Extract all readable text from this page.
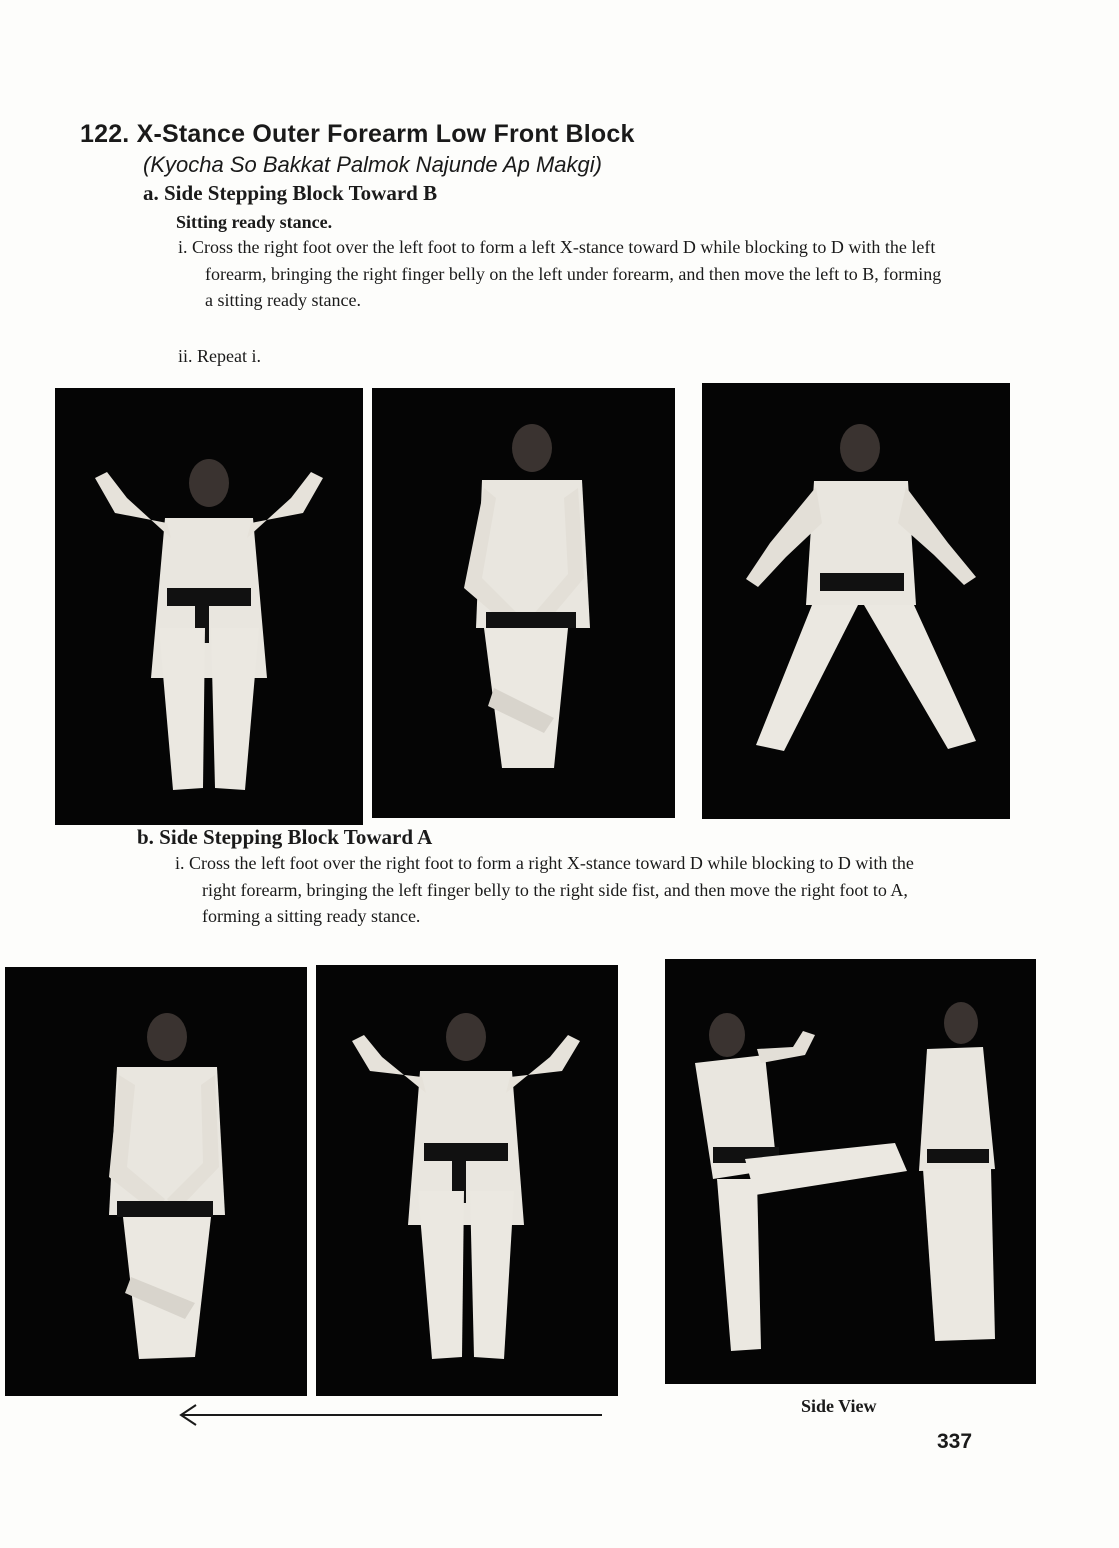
122. X-Stance Outer Forearm Low Front Block
(Kyocha So Bakkat Palmok Najunde Ap Makgi)
a. Side Stepping Block Toward B
Sitting ready stance.
i. Cross the right foot over the left foot to form a left X-stance toward D while blocking to D with the left forearm, bringing the right finger belly on the left under forearm, and then move the left to B, forming a sitting ready stance.
ii. Repeat i.
b. Side Stepping Block Toward A
i. Cross the left foot over the right foot to form a right X-stance toward D while blocking to D with the right forearm, bringing the left finger belly to the right side fist, and then move the right foot to A, forming a sitting ready stance.
Side View
337
